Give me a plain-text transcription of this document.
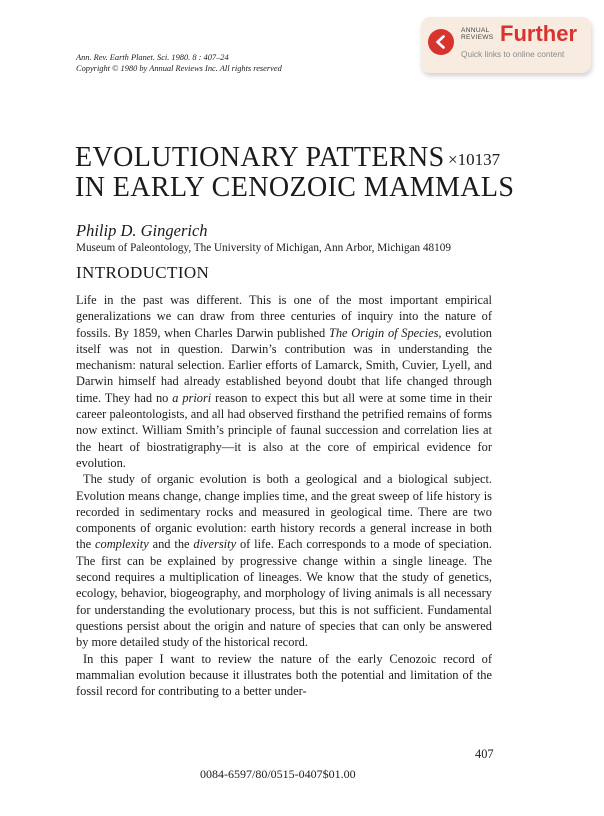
Ann. Rev. Earth Planet. Sci. 1980. 8 : 407–24
Copyright © 1980 by Annual Reviews Inc. All rights reserved
ANNUAL
REVIEWS Further
Quick links to online content
EVOLUTIONARY PATTERNS
IN EARLY CENOZOIC MAMMALS
×10137
Philip D. Gingerich
Museum of Paleontology, The University of Michigan, Ann Arbor, Michigan 48109
INTRODUCTION

Life in the past was different. This is one of the most important empirical generalizations we can draw from three centuries of inquiry into the nature of fossils. By 1859, when Charles Darwin published The Origin of Species, evolution itself was not in question. Darwin’s contribution was in understanding the mechanism: natural selection. Earlier efforts of Lamarck, Smith, Cuvier, Lyell, and Darwin himself had already established beyond doubt that life changed through time. They had no a priori reason to expect this but all were at some time in their career paleontologists, and all had observed firsthand the petrified remains of forms now extinct. William Smith’s principle of faunal succession and correlation lies at the heart of biostratigraphy—it is also at the core of empirical evidence for evolution.

The study of organic evolution is both a geological and a biological subject. Evolution means change, change implies time, and the great sweep of life history is recorded in sedimentary rocks and measured in geological time. There are two components of organic evolution: earth history records a general increase in both the complexity and the diversity of life. Each corresponds to a mode of speciation. The first can be explained by progressive change within a single lineage. The second requires a multiplication of lineages. We know that the study of genetics, ecology, behavior, biogeography, and morphology of living animals is all necessary for understanding the evolutionary process, but this is not sufficient. Fundamental questions persist about the origin and nature of species that can only be answered by more detailed study of the historical record.

In this paper I want to review the nature of the early Cenozoic record of mammalian evolution because it illustrates both the potential and limitation of the fossil record for contributing to a better under-

407
0084-6597/80/0515-0407$01.00
